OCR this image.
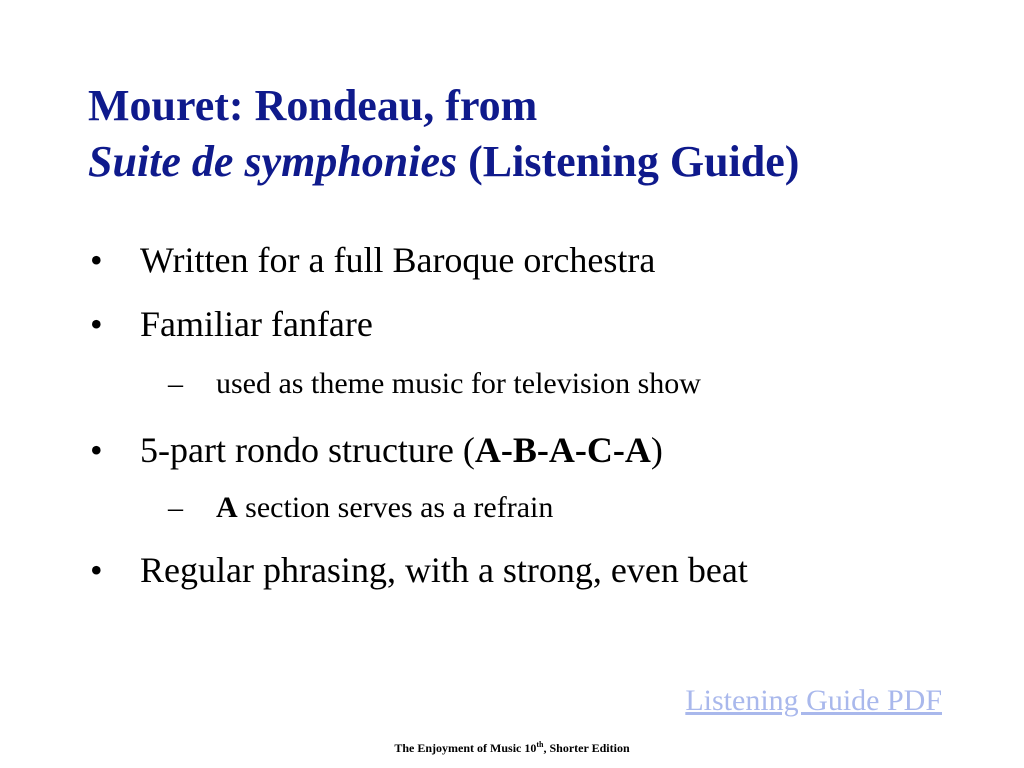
Mouret: Rondeau, from
Suite de symphonies (Listening Guide)
• Written for a full Baroque orchestra
• Familiar fanfare
– used as theme music for television show
• 5-part rondo structure (A-B-A-C-A)
– A section serves as a refrain
• Regular phrasing, with a strong, even beat
Listening Guide PDF
The Enjoyment of Music 10th, Shorter Edition
